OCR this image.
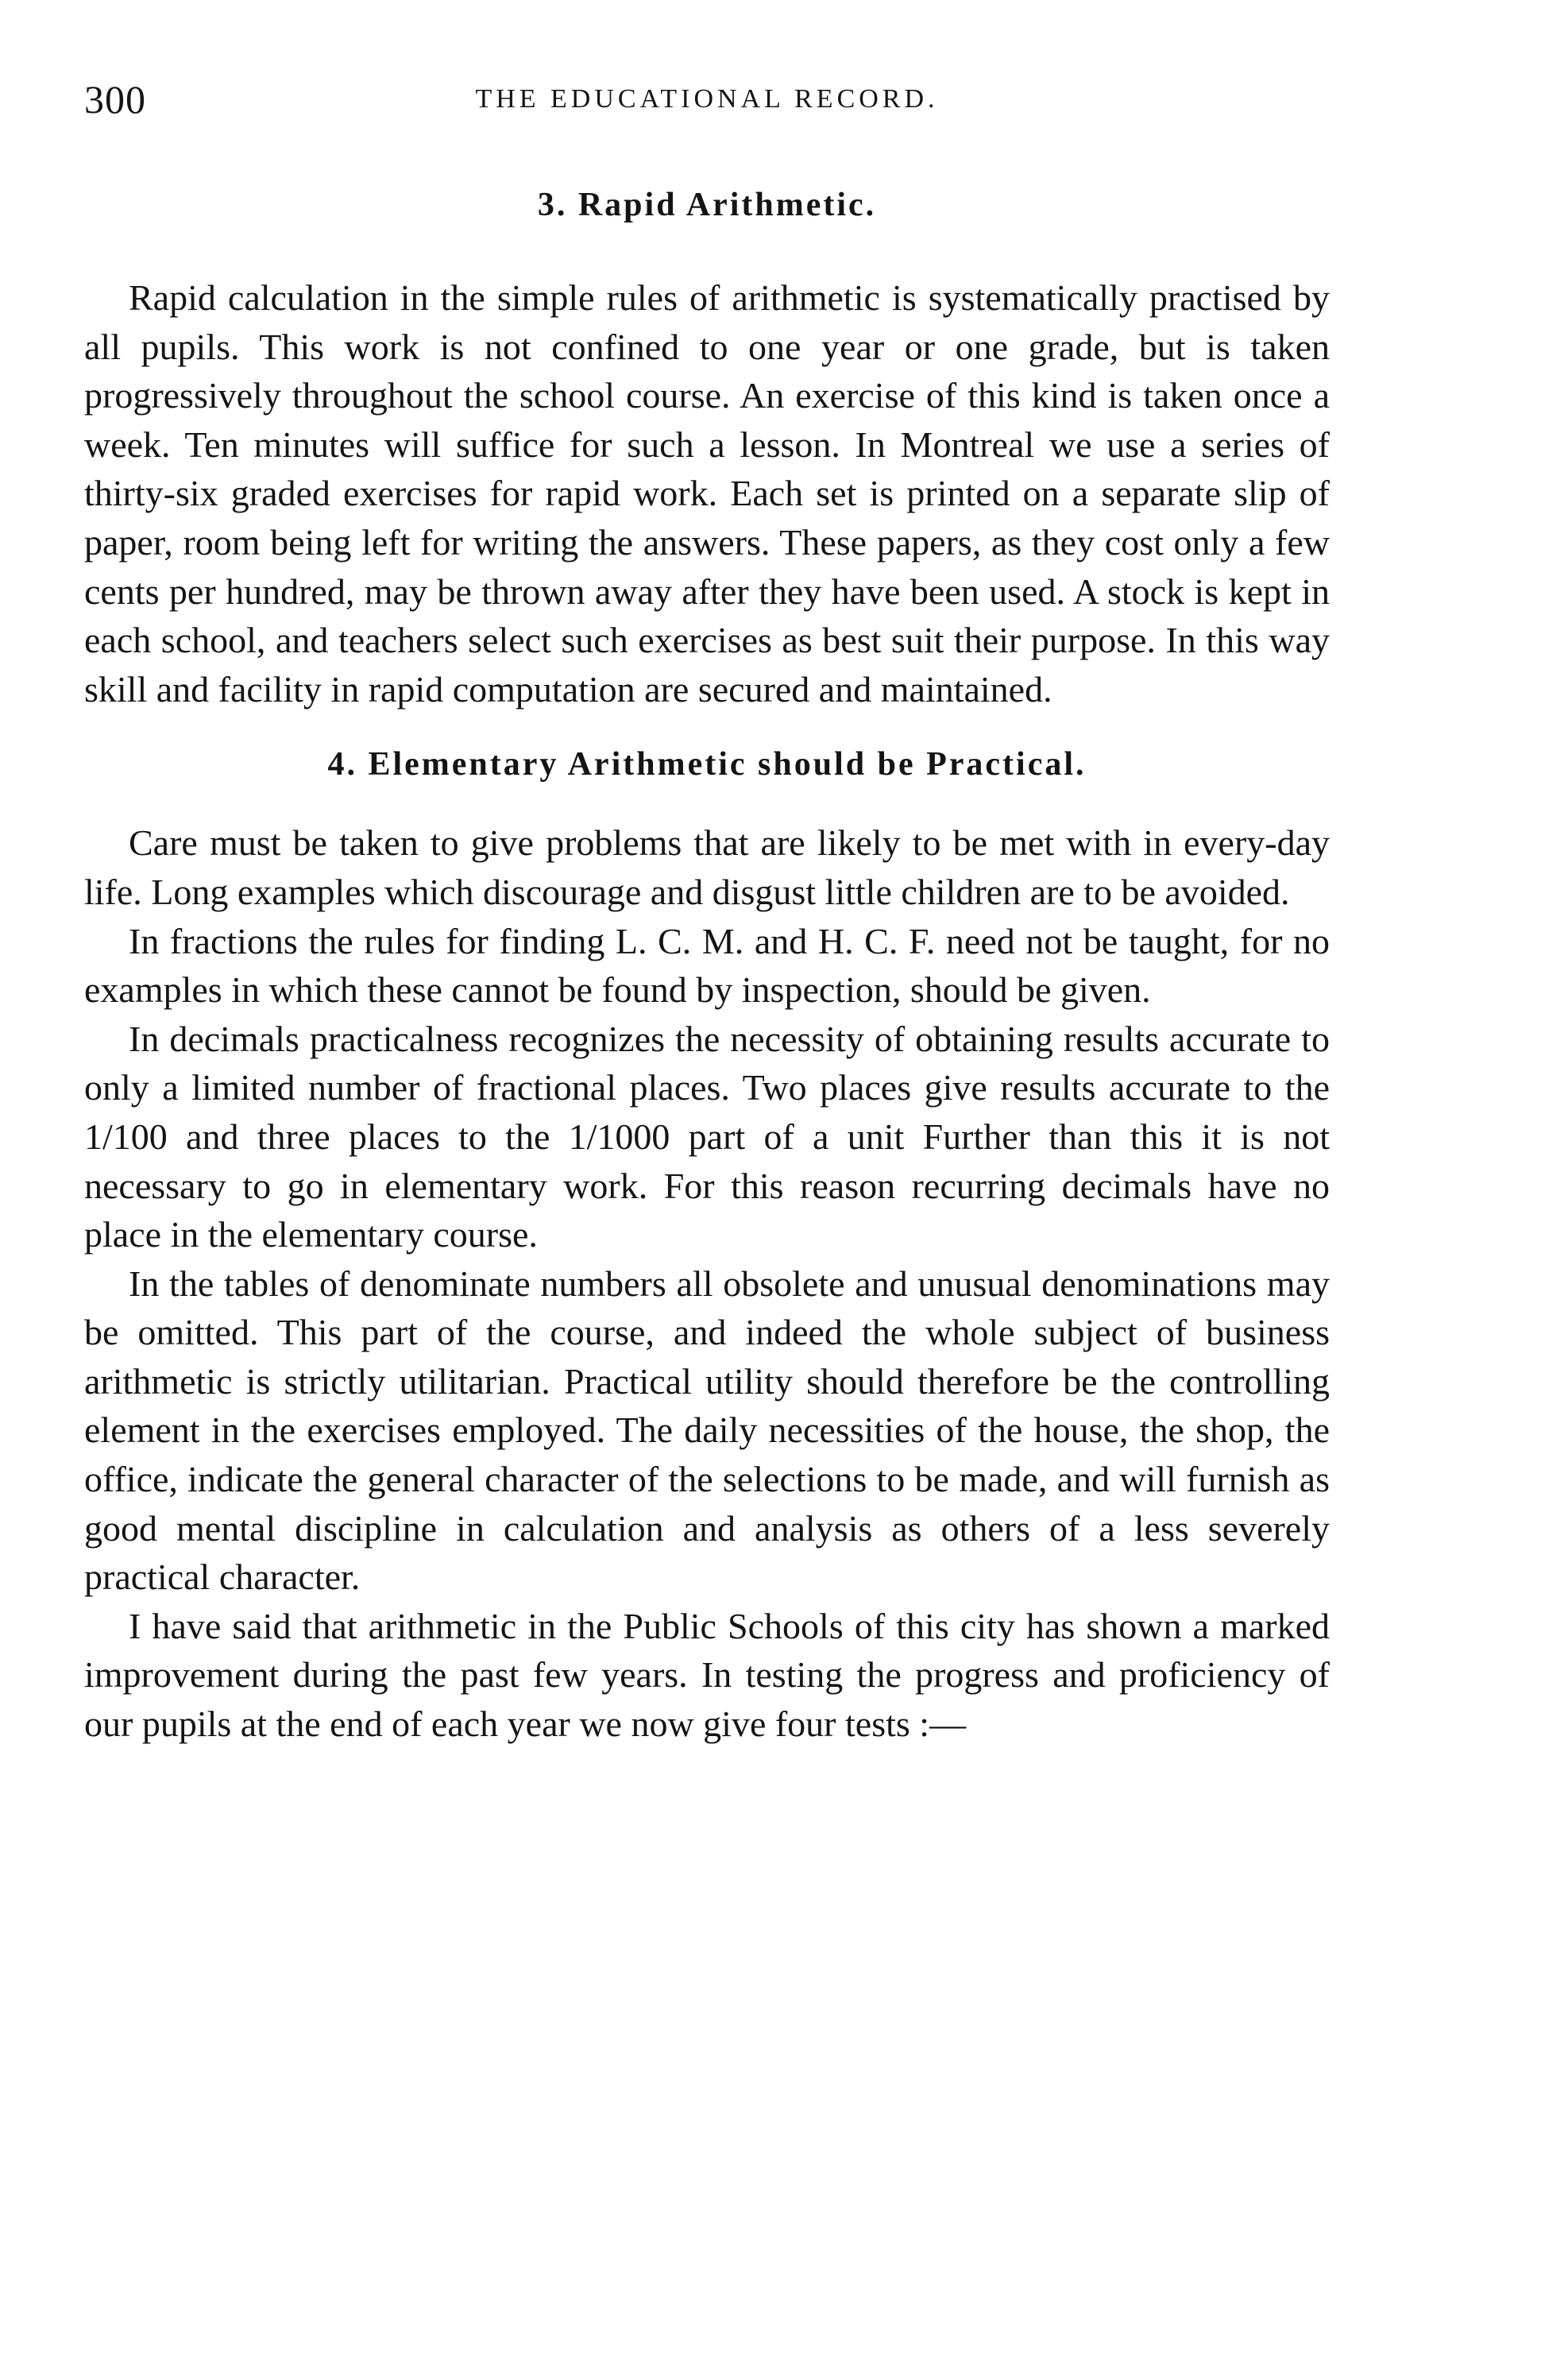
300	THE EDUCATIONAL RECORD.
3. Rapid Arithmetic.

Rapid calculation in the simple rules of arithmetic is systematically practised by all pupils. This work is not confined to one year or one grade, but is taken progressively throughout the school course. An exercise of this kind is taken once a week. Ten minutes will suffice for such a lesson. In Montreal we use a series of thirty-six graded exercises for rapid work. Each set is printed on a separate slip of paper, room being left for writing the answers. These papers, as they cost only a few cents per hundred, may be thrown away after they have been used. A stock is kept in each school, and teachers select such exercises as best suit their purpose. In this way skill and facility in rapid computation are secured and maintained.

4. Elementary Arithmetic should be Practical.

Care must be taken to give problems that are likely to be met with in every-day life. Long examples which discourage and disgust little children are to be avoided.

In fractions the rules for finding L. C. M. and H. C. F. need not be taught, for no examples in which these cannot be found by inspection, should be given.

In decimals practicalness recognizes the necessity of obtaining results accurate to only a limited number of fractional places. Two places give results accurate to the 1/100 and three places to the 1/1000 part of a unit Further than this it is not necessary to go in elementary work. For this reason recurring decimals have no place in the elementary course.

In the tables of denominate numbers all obsolete and unusual denominations may be omitted. This part of the course, and indeed the whole subject of business arithmetic is strictly utilitarian. Practical utility should therefore be the controlling element in the exercises employed. The daily necessities of the house, the shop, the office, indicate the general character of the selections to be made, and will furnish as good mental discipline in calculation and analysis as others of a less severely practical character.

I have said that arithmetic in the Public Schools of this city has shown a marked improvement during the past few years. In testing the progress and proficiency of our pupils at the end of each year we now give four tests :—
